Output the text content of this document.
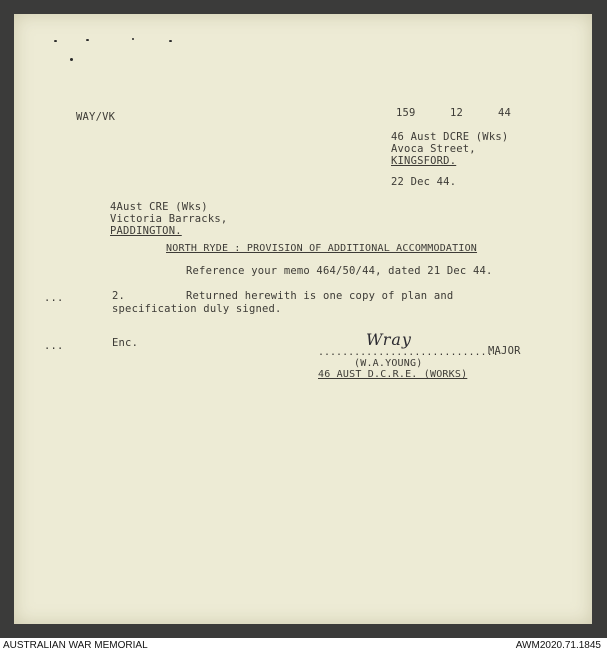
WAY/VK	159	12	44
46 Aust DCRE (Wks)
Avoca Street,
KINGSFORD.
22 Dec 44.
4Aust CRE (Wks)
Victoria Barracks,
PADDINGTON.
NORTH RYDE : PROVISION OF ADDITIONAL ACCOMMODATION
Reference your memo 464/50/44, dated 21 Dec 44.
...	2.	Returned herewith is one copy of plan and
specification duly signed.
...	Enc.
..............................
Wray
MAJOR
(W.A.YOUNG)
46 AUST D.C.R.E. (WORKS)
AUSTRALIAN WAR MEMORIAL	AWM2020.71.1845
